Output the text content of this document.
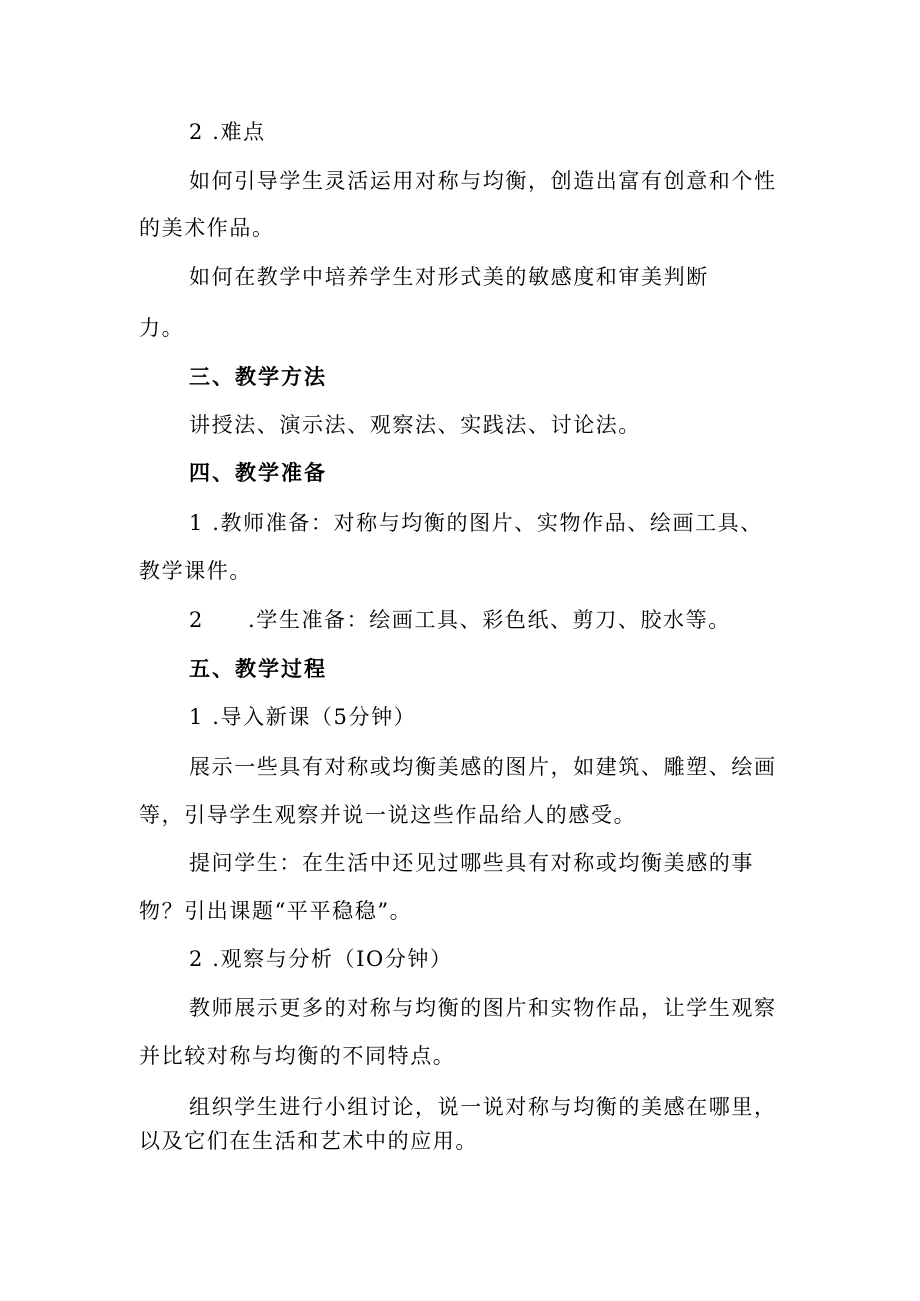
2 .难点
如何引导学生灵活运用对称与均衡，创造出富有创意和个性
的美术作品。
如何在教学中培养学生对形式美的敏感度和审美判断
力。
三、教学方法
讲授法、演示法、观察法、实践法、讨论法。
四、教学准备
1 .教师准备：对称与均衡的图片、实物作品、绘画工具、
教学课件。
2 .学生准备：绘画工具、彩色纸、剪刀、胶水等。
五、教学过程
1 .导入新课（5分钟）
展示一些具有对称或均衡美感的图片，如建筑、雕塑、绘画
等，引导学生观察并说一说这些作品给人的感受。
提问学生：在生活中还见过哪些具有对称或均衡美感的事
物？引出课题“平平稳稳”。
2 .观察与分析（IO分钟）
教师展示更多的对称与均衡的图片和实物作品，让学生观察
并比较对称与均衡的不同特点。
组织学生进行小组讨论，说一说对称与均衡的美感在哪里，
以及它们在生活和艺术中的应用。
